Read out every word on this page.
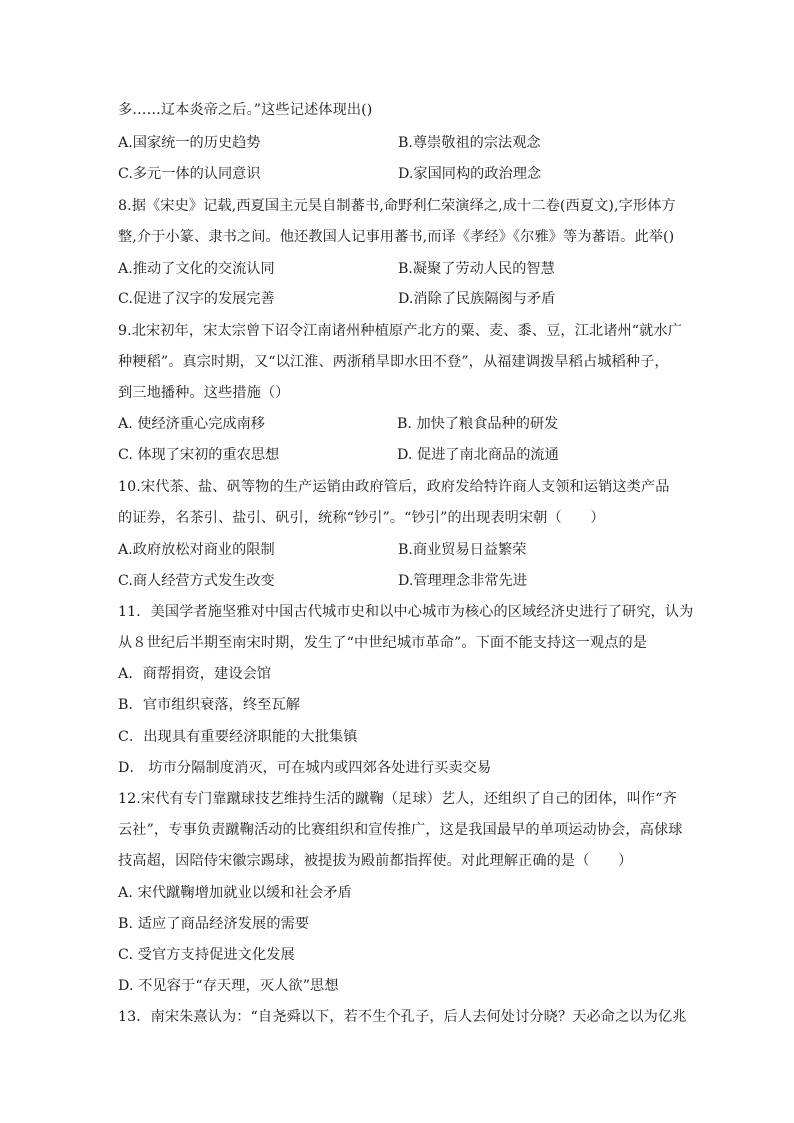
多……辽本炎帝之后。”这些记述体现出()
A.国家统一的历史趋势	B.尊崇敬祖的宗法观念
C.多元一体的认同意识	D.家国同构的政治理念
8.据《宋史》记载,西夏国主元昊自制蕃书,命野利仁荣演绎之,成十二卷(西夏文),字形体方
整,介于小篆、隶书之间。他还教国人记事用蕃书,而译《孝经》《尔雅》等为蕃语。此举()
A.推动了文化的交流认同	B.凝聚了劳动人民的智慧
C.促进了汉字的发展完善	D.消除了民族隔阂与矛盾
9.北宋初年，宋太宗曾下诏令江南诸州种植原产北方的粟、麦、黍、豆，江北诸州“就水广
种粳稻”。真宗时期，又“以江淮、两浙稍旱即水田不登”，从福建调拨旱稻占城稻种子，
到三地播种。这些措施（）
A. 使经济重心完成南移	B. 加快了粮食品种的研发
C. 体现了宋初的重农思想	D. 促进了南北商品的流通
10.宋代茶、盐、矾等物的生产运销由政府管后，政府发给特许商人支领和运销这类产品
的证券，名茶引、盐引、矾引，统称“钞引”。“钞引”的出现表明宋朝（　　）
A.政府放松对商业的限制	B.商业贸易日益繁荣
C.商人经营方式发生改变	D.管理理念非常先进
11．美国学者施坚雅对中国古代城市史和以中心城市为核心的区域经济史进行了研究，认为
从８世纪后半期至南宋时期，发生了“中世纪城市革命”。下面不能支持这一观点的是
A．商帮捐资，建设会馆
B．官市组织衰落，终至瓦解
C．出现具有重要经济职能的大批集镇
D． 坊市分隔制度消灭，可在城内或四郊各处进行买卖交易
12.宋代有专门靠蹴球技艺维持生活的蹴鞠（足球）艺人，还组织了自己的团体，叫作“齐
云社”，专事负责蹴鞠活动的比赛组织和宣传推广，这是我国最早的单项运动协会，高俅球
技高超，因陪侍宋徽宗踢球，被提拔为殿前都指挥使。对此理解正确的是（　　）
A. 宋代蹴鞠增加就业以缓和社会矛盾
B. 适应了商品经济发展的需要
C. 受官方支持促进文化发展
D. 不见容于“存天理，灭人欲”思想
13．南宋朱熹认为：“自尧舜以下，若不生个孔子，后人去何处讨分晓？天必命之以为亿兆
